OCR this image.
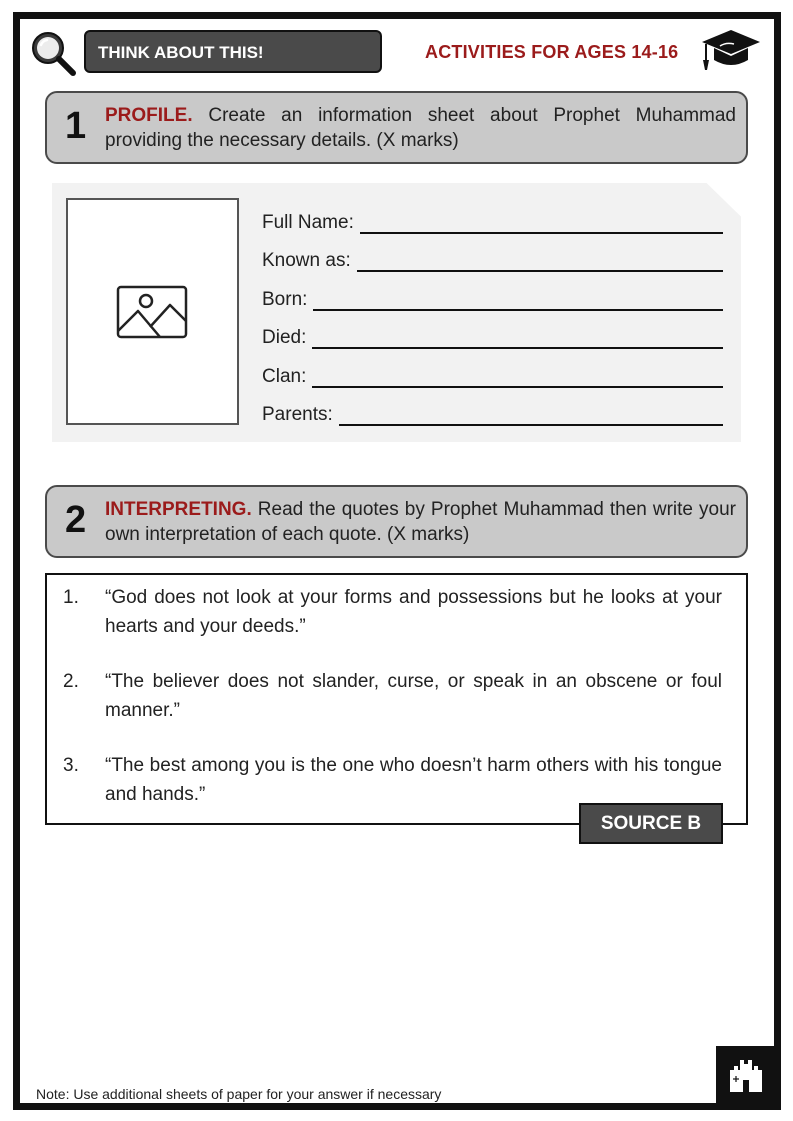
THINK ABOUT THIS!	ACTIVITIES FOR AGES 14-16
1 PROFILE. Create an information sheet about Prophet Muhammad providing the necessary details. (X marks)
Full Name:
Known as:
Born:
Died:
Clan:
Parents:
2 INTERPRETING. Read the quotes by Prophet Muhammad then write your own interpretation of each quote. (X marks)
1.	“God does not look at your forms and possessions but he looks at your hearts and your deeds.”
2.	“The believer does not slander, curse, or speak in an obscene or foul manner.”
3.	“The best among you is the one who doesn’t harm others with his tongue and hands.”
SOURCE B
Note: Use additional sheets of paper for your answer if necessary
